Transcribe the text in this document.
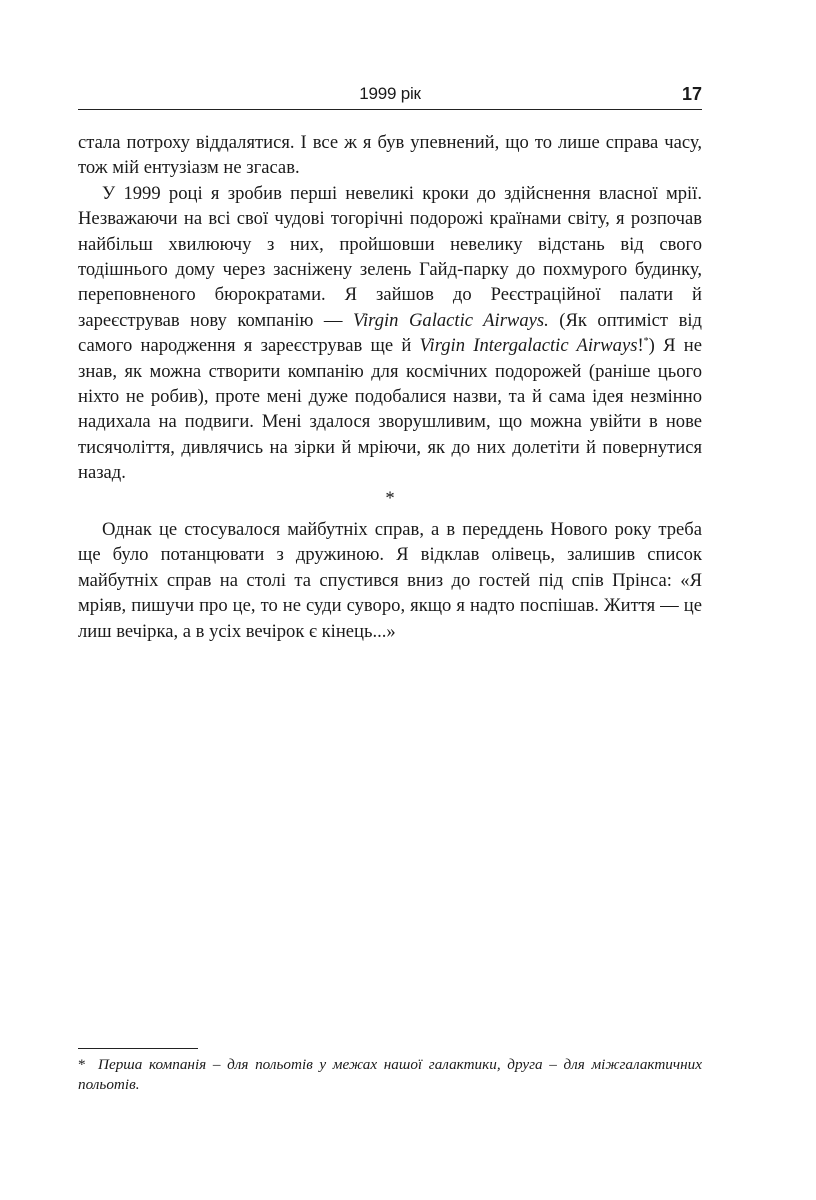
1999 рік	17

стала потроху віддалятися. І все ж я був упевнений, що то лише справа часу, тож мій ентузіазм не згасав.

У 1999 році я зробив перші невеликі кроки до здійснення власної мрії. Незважаючи на всі свої чудові тогорічні подорожі країнами світу, я розпочав найбільш хвилюючу з них, пройшовши невелику відстань від свого тодішнього дому через засніжену зелень Гайд-парку до похмурого будинку, переповненого бюрократами. Я зайшов до Реєстраційної палати й зареєстрував нову компанію — Virgin Galactic Airways. (Як оптиміст від самого народження я зареєстрував ще й Virgin Intergalactic Airways!*) Я не знав, як можна створити компанію для космічних подорожей (раніше цього ніхто не робив), проте мені дуже подобалися назви, та й сама ідея незмінно надихала на подвиги. Мені здалося зворушливим, що можна увійти в нове тисячоліття, дивлячись на зірки й мріючи, як до них долетіти й повернутися назад.

*

Однак це стосувалося майбутніх справ, а в переддень Нового року треба ще було потанцювати з дружиною. Я відклав олівець, залишив список майбутніх справ на столі та спустився вниз до гостей під спів Прінса: «Я мріяв, пишучи про це, то не суди суворо, якщо я надто поспішав. Життя — це лиш вечірка, а в усіх вечірок є кінець...»

* Перша компанія – для польотів у межах нашої галактики, друга – для міжгалактичних польотів.
